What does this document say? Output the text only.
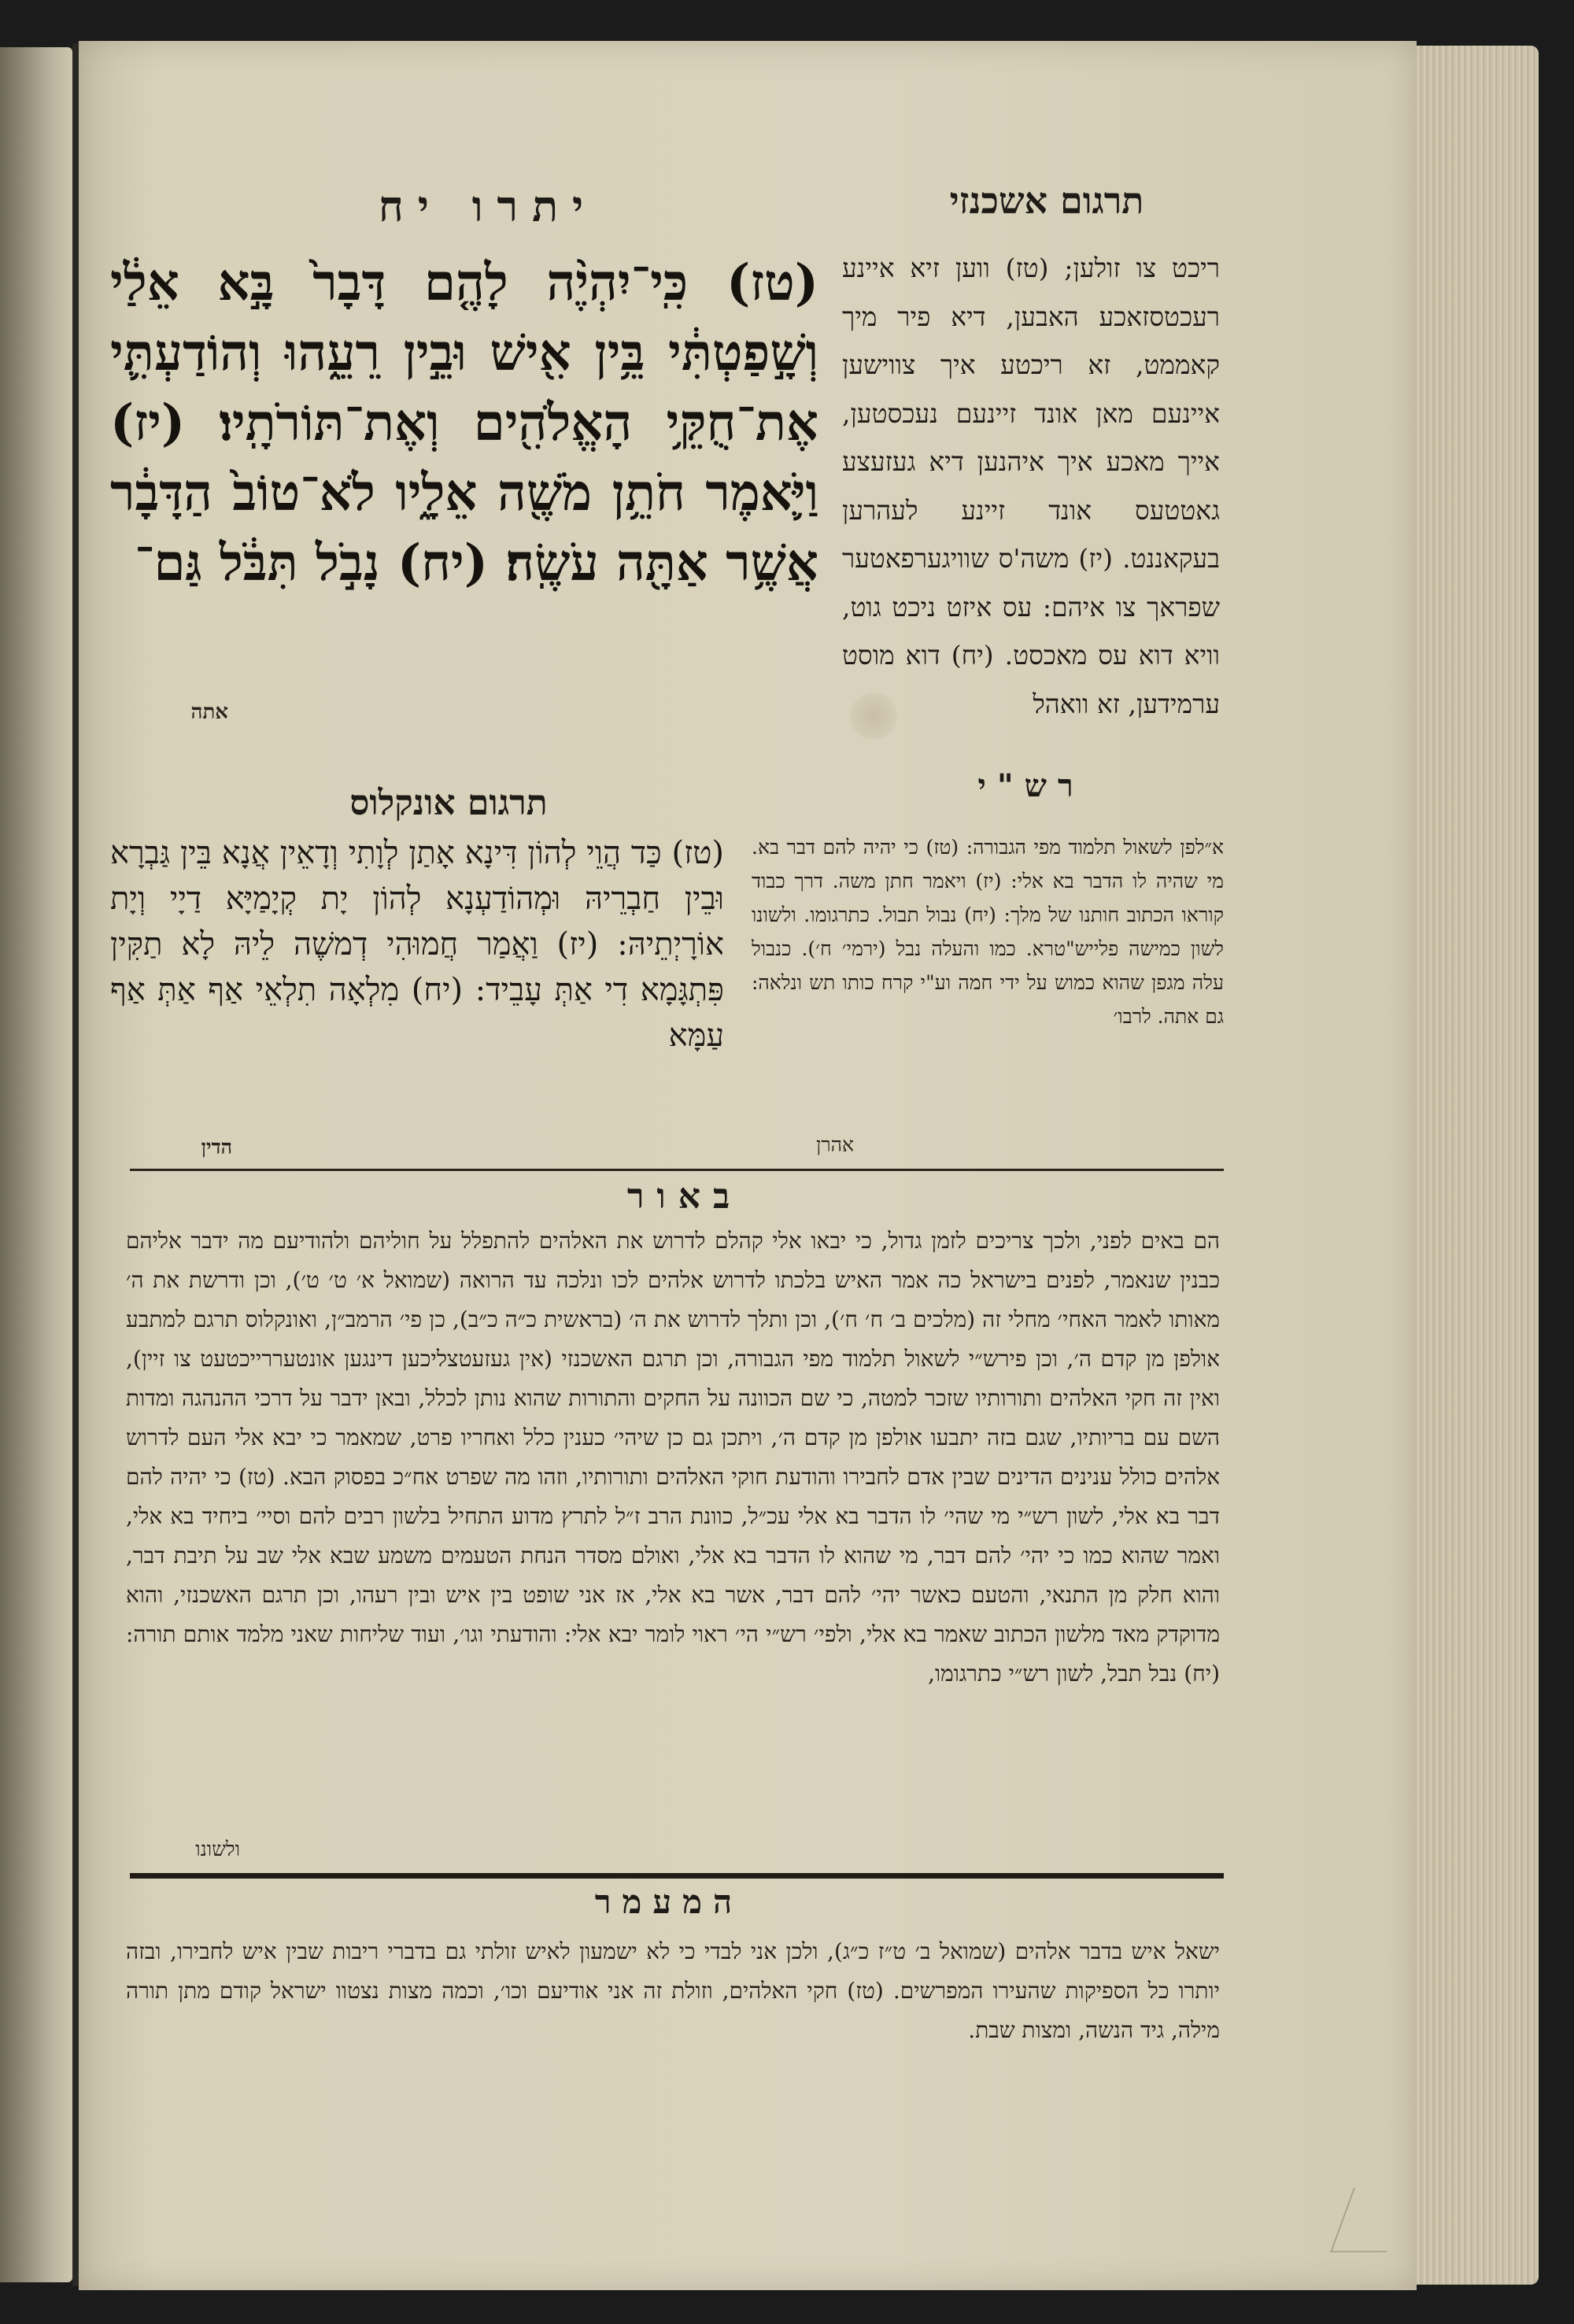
יתרו יח	תרגום אשכנזי
(טז) כִּֽי־יִהְיֶ֨ה לָהֶ֤ם דָּבָר֙ בָּ֣א אֵלַ֔י וְשָׁ֣פַטְתִּ֔י בֵּ֥ין אִ֖ישׁ וּבֵ֣ין רֵעֵ֑הוּ וְהוֹדַעְתִּ֛י אֶת־חֻקֵּ֥י הָאֱלֹהִ֖ים וְאֶת־תּוֹרֹתָֽיו׃ (יז) וַיֹּ֛אמֶר חֹתֵ֥ן מֹשֶׁ֖ה אֵלָ֑יו לֹא־טוֹב֙ הַדָּבָ֔ר אֲשֶׁ֥ר אַתָּ֖ה עֹשֶֽׂה׃ (יח) נָבֹ֣ל תִּבֹּ֔ל גַּם־
אתה
ריכט צו זולען; (טז) ווען זיא איינע רעכטסזאכע האבען, דיא פיר מיך קאממט, זא ריכטע איך צווישען איינעם מאן אונד זיינעם נעכסטען, אייך מאכע איך איהנען דיא געזעצע גאטטעס אונד זיינע לעהרען בעקאננט. (יז) משה'ס שוויגערפאטער שפראך צו איהם: עס איזט ניכט גוט, וויא דוא עס מאכסט. (יח) דוא מוסט ערמידען, זא וואהל
רש"י
א״לפן לשאול תלמוד מפי הגבורה: (טז) כי יהיה להם דבר בא. מי שהיה לו הדבר בא אלי: (יז) ויאמר חתן משה. דרך כבוד קוראו הכתוב חותנו של מלך: (יח) נבול תבול. כתרגומו. ולשונו לשון כמישה פלייש"טרא. כמו והעלה נבל (ירמי׳ ח׳). כנבול עלה מגפן שהוא כמוש על ידי חמה וע"י קרח כותו תש ונלאה: גם אתה. לרבו׳
אהרן
תרגום אונקלוס
(טז) כַּד הֲוֵי לְהוֹן דִּינָא אָתַן לְוָתִי וְדָאֵין אֲנָא בֵּין גַּבְרָא וּבֵין חַבְרֵיהּ וּמְהוֹדַעְנָא לְהוֹן יָת קְיָמַיָּא דַיָי וְיָת אוֹרָיְתֵיהּ: (יז) וַאֲמַר חֲמוּהִי דְמשֶׁה לֵיהּ לָא תַקִּין פִּתְגָּמָא דִי אַתְּ עָבֵיד: (יח) מִלְאָה תִלְאֵי אַף אַתְּ אַף עַמָּא
הדין
באור
הם באים לפני, ולכך צריכים לזמן גדול, כי יבאו אלי קהלם לדרוש את האלהים להתפלל על חוליהם ולהודיעם מה ידבר אליהם כבנין שנאמר, לפנים בישראל כה אמר האיש בלכתו לדרוש אלהים לכו ונלכה עד הרואה (שמואל א׳ ט׳ ט׳), וכן ודרשת את ה׳ מאותו לאמר האחי׳ מחלי זה (מלכים ב׳ ח׳ ח׳), וכן ותלך לדרוש את ה׳ (בראשית כ״ה כ״ב), כן פי׳ הרמב״ן, ואונקלוס תרגם למתבע אולפן מן קדם ה׳, וכן פירש״י לשאול תלמוד מפי הגבורה, וכן תרגם האשכנזי (אין געזעטצליכען דינגען אונטעררייכטעט צו זיין), ואין זה חקי האלהים ותורותיו שזכר למטה, כי שם הכוונה על החקים והתורות שהוא נותן לכלל, ובאן ידבר על דרכי ההנהגה ומדות השם עם בריותיו, שגם בזה יתבעו אולפן מן קדם ה׳, ויתכן גם כן שיהי׳ כענין כלל ואחריו פרט, שמאמר כי יבא אלי העם לדרוש אלהים כולל ענינים הדינים שבין אדם לחבירו והודעת חוקי האלהים ותורותיו, וזהו מה שפרט אח״כ בפסוק הבא. (טז) כי יהיה להם דבר בא אלי, לשון רש״י מי שהי׳ לו הדבר בא אלי עכ״ל, כוונת הרב ז״ל לתרץ מדוע התחיל בלשון רבים להם וסיי׳ ביחיד בא אלי, ואמר שהוא כמו כי יהי׳ להם דבר, מי שהוא לו הדבר בא אלי, ואולם מסדר הנחת הטעמים משמע שבא אלי שב על תיבת דבר, והוא חלק מן התנאי, והטעם כאשר יהי׳ להם דבר, אשר בא אלי, אז אני שופט בין איש ובין רעהו, וכן תרגם האשכנזי, והוא מדוקדק מאד מלשון הכתוב שאמר בא אלי, ולפי׳ רש״י הי׳ ראוי לומר יבא אלי: והודעתי וגו׳, ועוד שליחות שאני מלמד אותם תורה: (יח) נבל תבל, לשון רש״י כתרגומו,
ולשונו
המעמר
ישאל איש בדבר אלהים (שמואל ב׳ ט״ז כ״ג), ולכן אני לבדי כי לא ישמעון לאיש זולתי גם בדברי ריבות שבין איש לחבירו, ובזה יותרו כל הספיקות שהעירו המפרשים. (טז) חקי האלהים, וזולת זה אני אודיעם וכו׳, וכמה מצות נצטוו ישראל קודם מתן תורה מילה, גיד הנשה, ומצות שבת.
